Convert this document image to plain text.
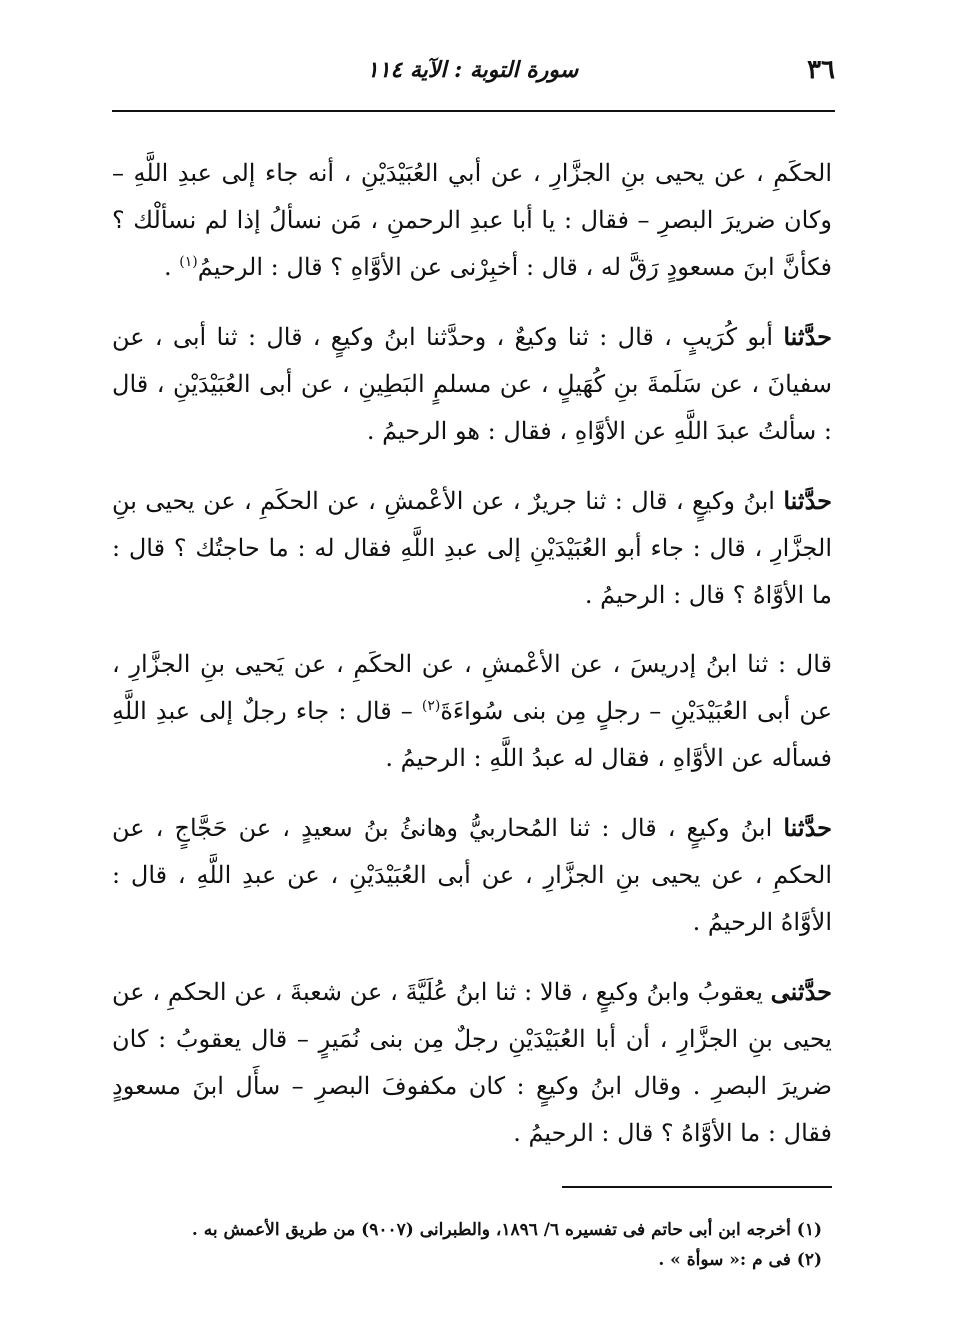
٣٦
سورة التوبة : الآية ١١٤

الحكَمِ ، عن يحيى بنِ الجزَّارِ ، عن أبي العُبَيْدَيْنِ ، أنه جاء إلى عبدِ اللَّهِ – وكان ضريرَ البصرِ – فقال : يا أبا عبدِ الرحمنِ ، مَن نسألُ إذا لم نسألْك ؟ فكأنَّ ابنَ مسعودٍ رَقَّ له ، قال : أخبِرْنى عن الأوَّاهِ ؟ قال : الرحيمُ$^{(١)}$ .

حدَّثنا أبو كُرَيبٍ ، قال : ثنا وكيعٌ ، وحدَّثنا ابنُ وكيعٍ ، قال : ثنا أبى ، عن سفيانَ ، عن سَلَمةَ بنِ كُهَيلٍ ، عن مسلمٍ البَطِينِ ، عن أبى العُبَيْدَيْنِ ، قال : سألتُ عبدَ اللَّهِ عن الأوَّاهِ ، فقال : هو الرحيمُ .

حدَّثنا ابنُ وكيعٍ ، قال : ثنا جريرٌ ، عن الأعْمشِ ، عن الحكَمِ ، عن يحيى بنِ الجزَّارِ ، قال : جاء أبو العُبَيْدَيْنِ إلى عبدِ اللَّهِ فقال له : ما حاجتُك ؟ قال : ما الأوَّاهُ ؟ قال : الرحيمُ .

قال : ثنا ابنُ إدريسَ ، عن الأعْمشِ ، عن الحكَمِ ، عن يَحيى بنِ الجزَّارِ ، عن أبى العُبَيْدَيْنِ – رجلٍ مِن بنى سُواءَةَ$^{(٢)}$ – قال : جاء رجلٌ إلى عبدِ اللَّهِ فسأله عن الأوَّاهِ ، فقال له عبدُ اللَّهِ : الرحيمُ .

حدَّثنا ابنُ وكيعٍ ، قال : ثنا المُحاربيُّ وهانئُ بنُ سعيدٍ ، عن حَجَّاجٍ ، عن الحكمِ ، عن يحيى بنِ الجزَّارِ ، عن أبى العُبَيْدَيْنِ ، عن عبدِ اللَّهِ ، قال : الأوَّاهُ الرحيمُ .

حدَّثنى يعقوبُ وابنُ وكيعٍ ، قالا : ثنا ابنُ عُلَيَّةَ ، عن شعبةَ ، عن الحكمِ ، عن يحيى بنِ الجزَّارِ ، أن أبا العُبَيْدَيْنِ رجلٌ مِن بنى نُمَيرٍ – قال يعقوبُ : كان ضريرَ البصرِ . وقال ابنُ وكيعٍ : كان مكفوفَ البصرِ – سأَل ابنَ مسعودٍ فقال : ما الأوَّاهُ ؟ قال : الرحيمُ .

(١) أخرجه ابن أبى حاتم فى تفسيره ٦/ ١٨٩٦، والطبرانى (٩٠٠٧) من طريق الأعمش به .

(٢) فى م :« سوأة » .
